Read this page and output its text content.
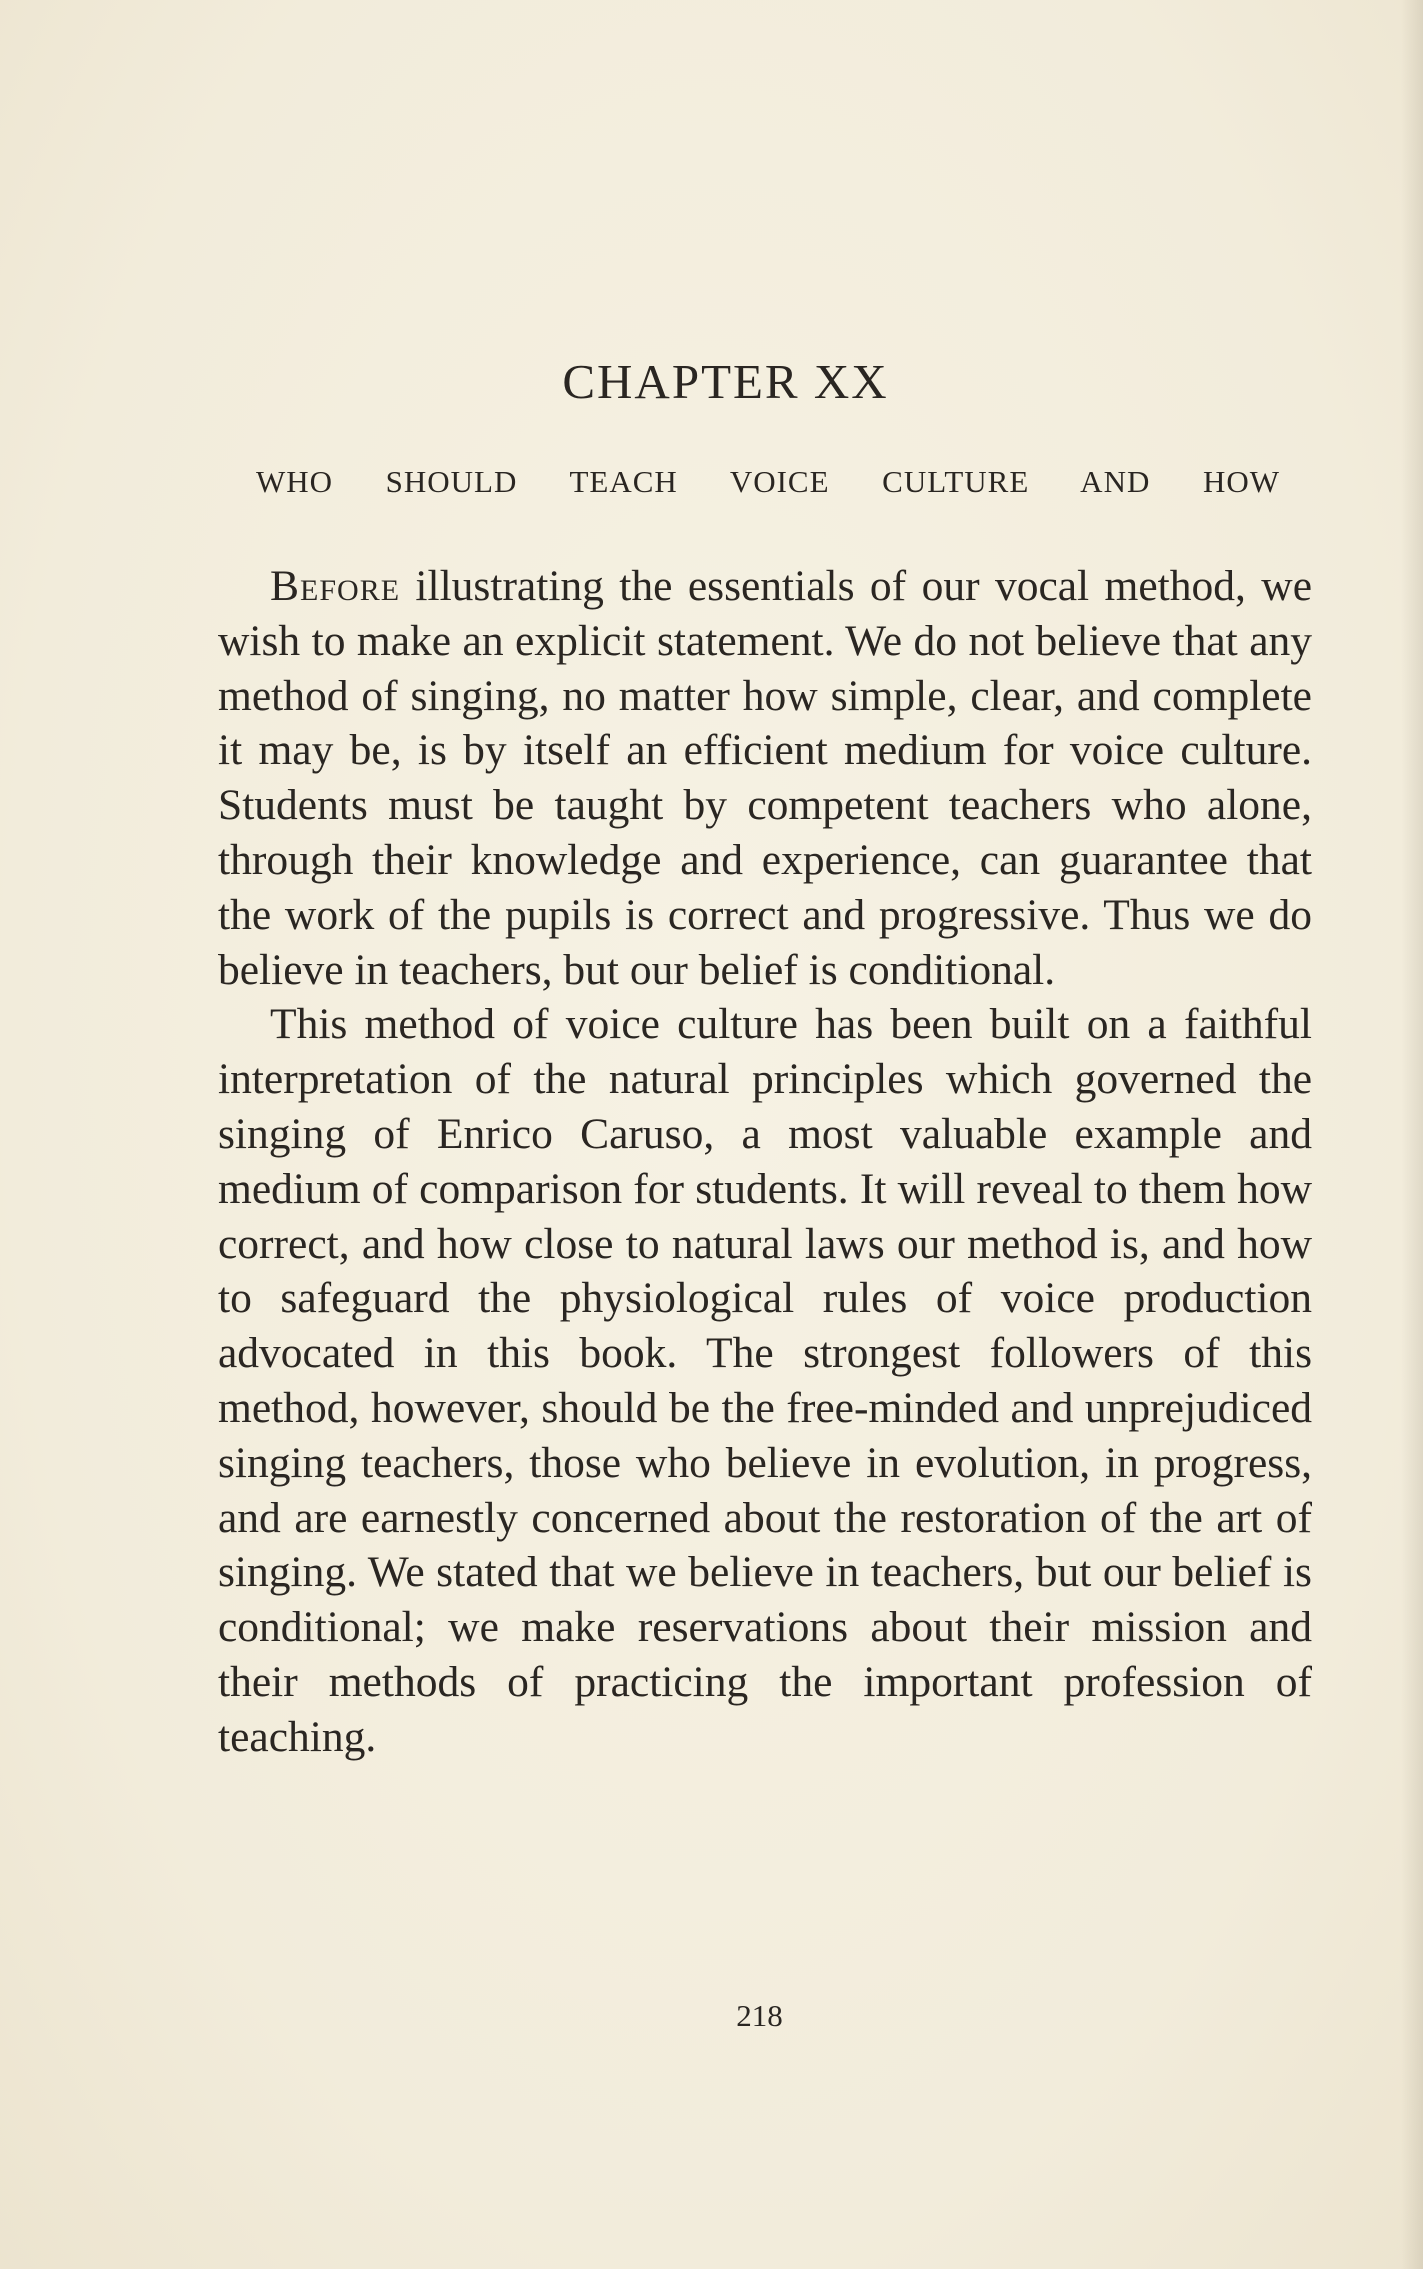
CHAPTER XX
WHO SHOULD TEACH VOICE CULTURE AND HOW

Before illustrating the essentials of our vocal method, we wish to make an explicit statement. We do not believe that any method of singing, no matter how simple, clear, and complete it may be, is by itself an efficient medium for voice culture. Students must be taught by competent teachers who alone, through their knowledge and experience, can guarantee that the work of the pupils is correct and progressive. Thus we do believe in teachers, but our belief is conditional.

This method of voice culture has been built on a faithful interpretation of the natural principles which governed the singing of Enrico Caruso, a most valuable example and medium of comparison for students. It will reveal to them how correct, and how close to natural laws our method is, and how to safeguard the physiological rules of voice production advocated in this book. The strongest followers of this method, however, should be the free-minded and unprejudiced singing teachers, those who believe in evolution, in progress, and are earnestly concerned about the restoration of the art of singing. We stated that we believe in teachers, but our belief is conditional; we make reservations about their mission and their methods of practicing the important profession of teaching.

218
